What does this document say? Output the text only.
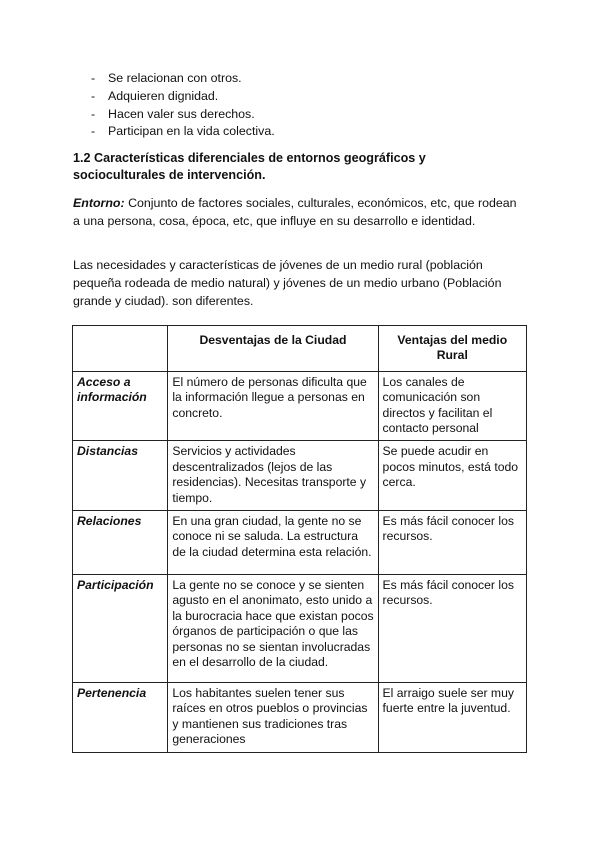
- Se relacionan con otros.
- Adquieren dignidad.
- Hacen valer sus derechos.
- Participan en la vida colectiva.

1.2 Características diferenciales de entornos geográficos y socioculturales de intervención.

Entorno: Conjunto de factores sociales, culturales, económicos, etc, que rodean a una persona, cosa, época, etc, que influye en su desarrollo e identidad.

Las necesidades y características de jóvenes de un medio rural (población pequeña rodeada de medio natural) y jóvenes de un medio urbano (Población grande y ciudad). son diferentes.

	Desventajas de la Ciudad	Ventajas del medio Rural
Acceso a información	El número de personas dificulta que la información llegue a personas en concreto.	Los canales de comunicación son directos y facilitan el contacto personal
Distancias	Servicios y actividades descentralizados (lejos de las residencias). Necesitas transporte y tiempo.	Se puede acudir en pocos minutos, está todo cerca.
Relaciones	En una gran ciudad, la gente no se conoce ni se saluda. La estructura de la ciudad determina esta relación.	Es más fácil conocer los recursos.
Participación	La gente no se conoce y se sienten agusto en el anonimato, esto unido a la burocracia hace que existan pocos órganos de participación o que las personas no se sientan involucradas en el desarrollo de la ciudad.	Es más fácil conocer los recursos.
Pertenencia	Los habitantes suelen tener sus raíces en otros pueblos o provincias y mantienen sus tradiciones tras generaciones	El arraigo suele ser muy fuerte entre la juventud.
